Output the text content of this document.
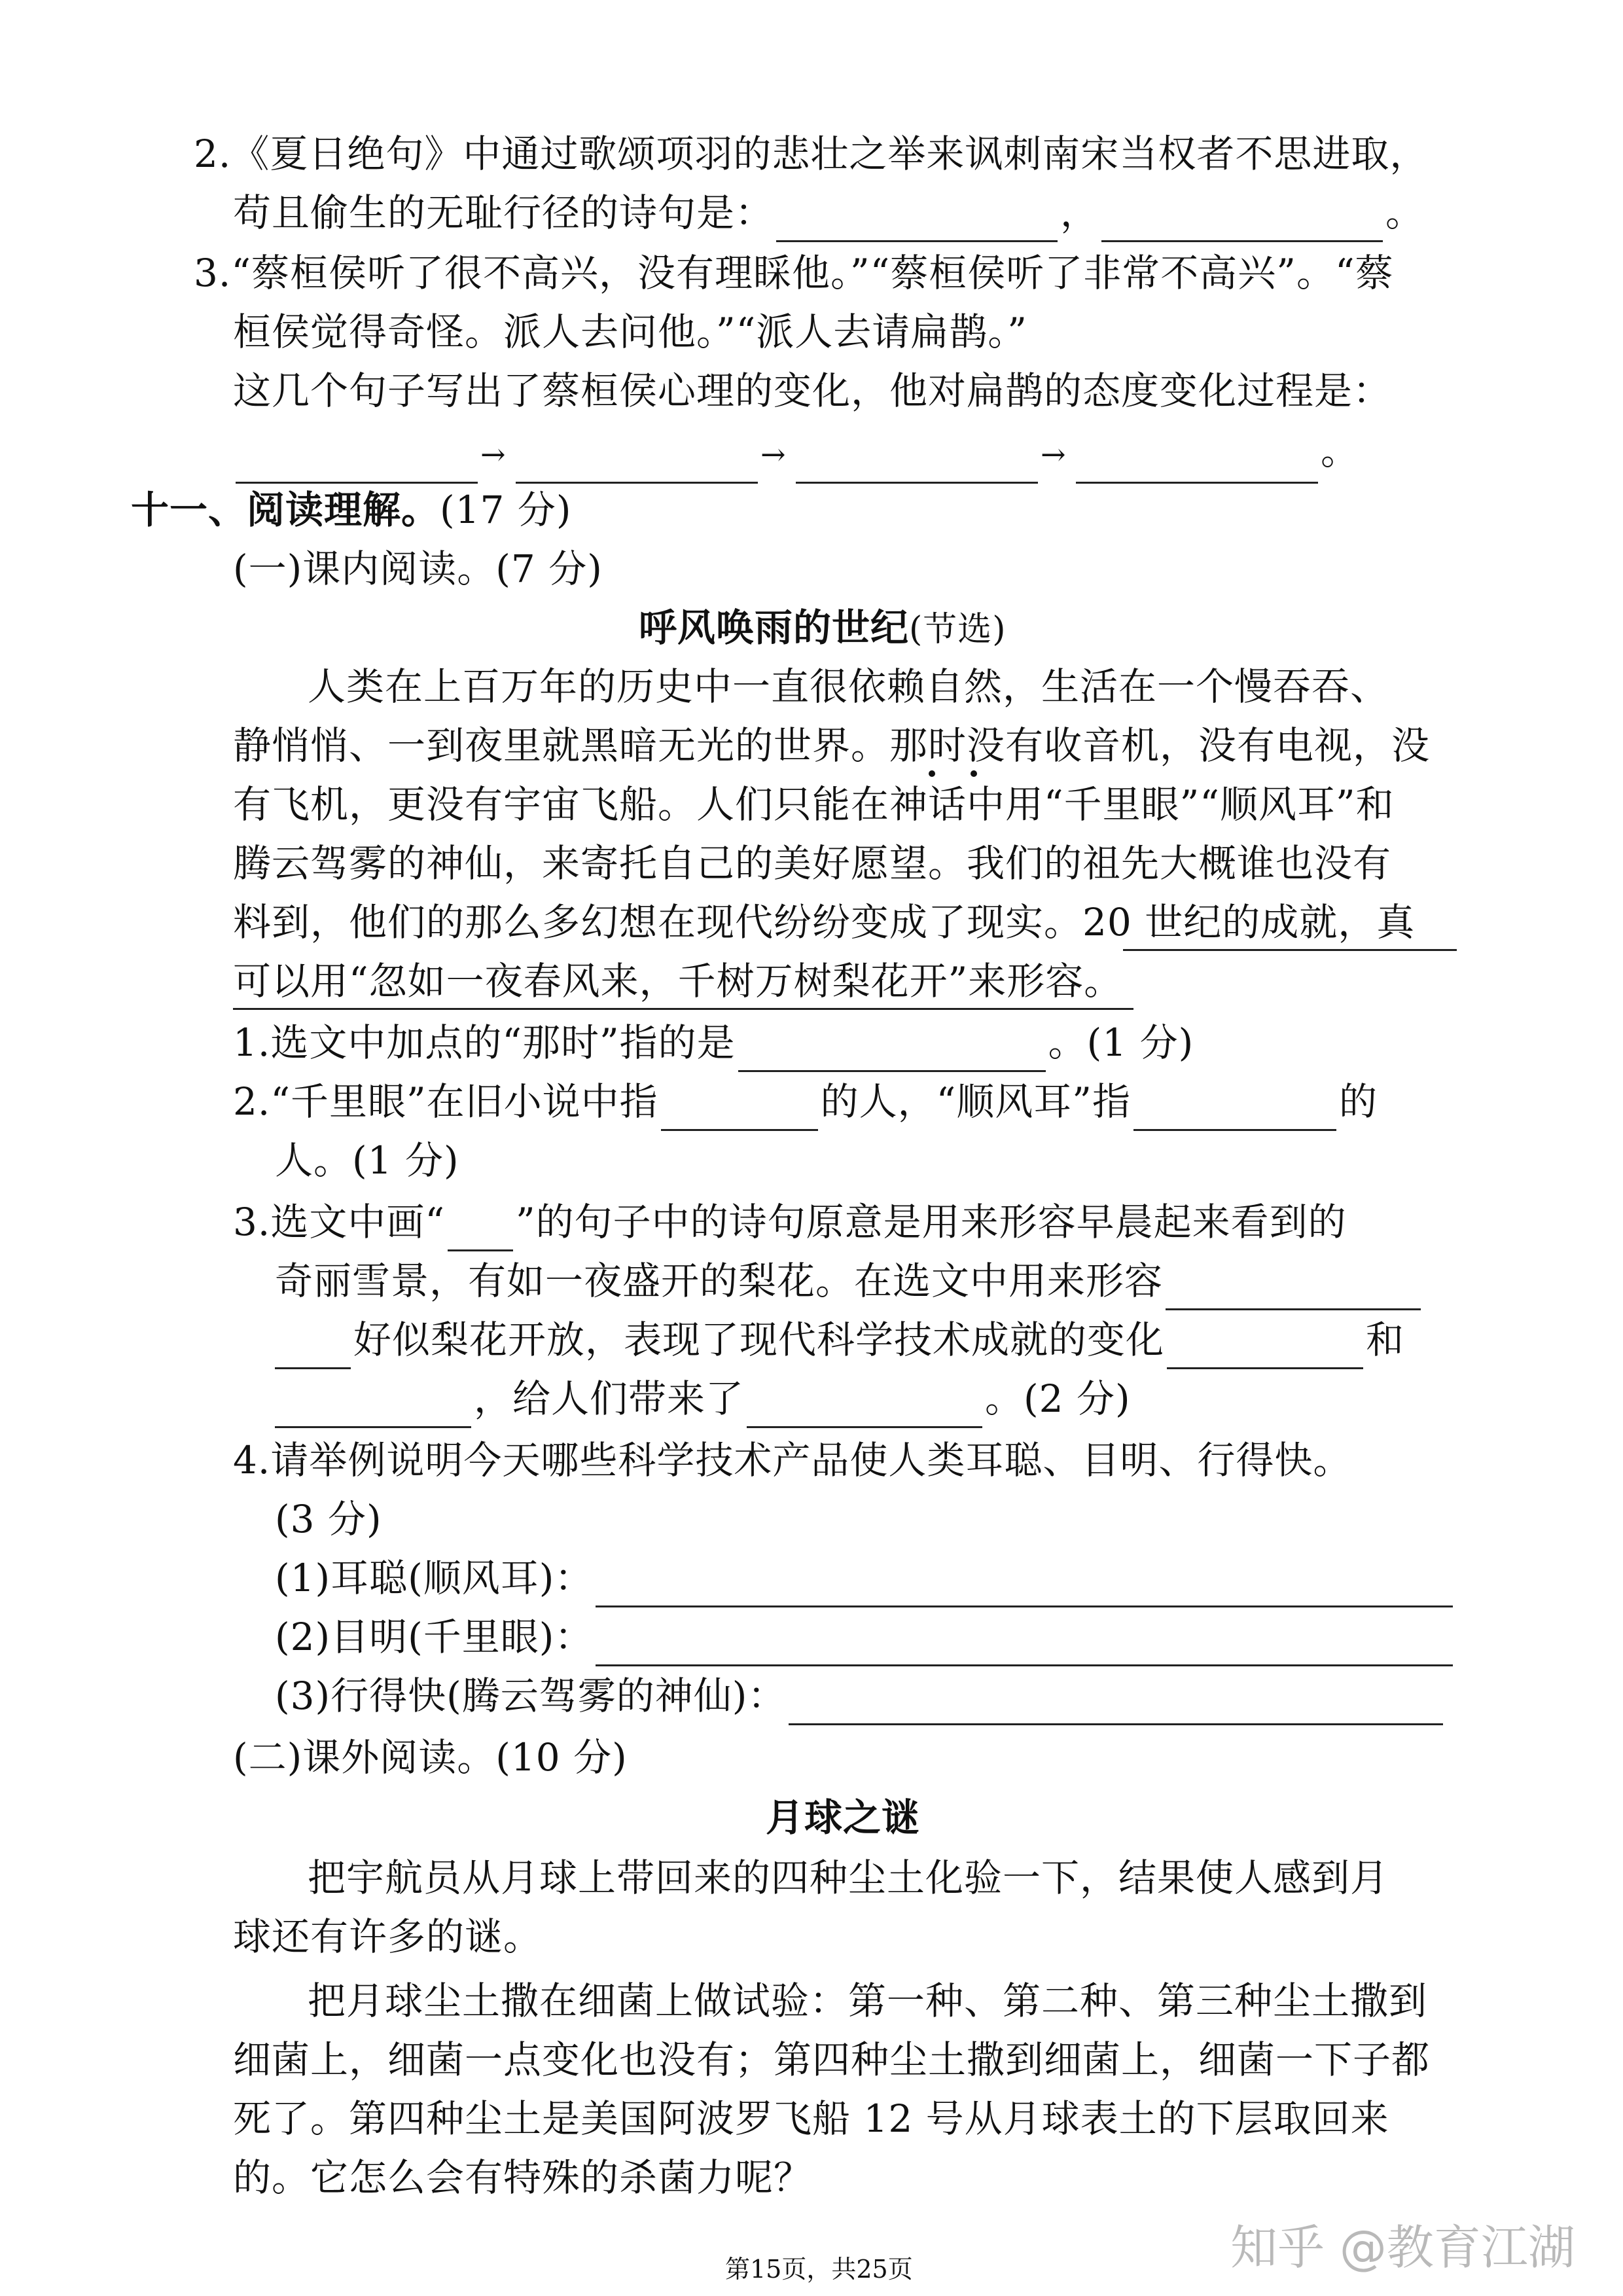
2.《夏日绝句》中通过歌颂项羽的悲壮之举来讽刺南宋当权者不思进取，
苟且偷生的无耻行径的诗句是：	，	。
3.“蔡桓侯听了很不高兴，没有理睬他。”“蔡桓侯听了非常不高兴”。“蔡
桓侯觉得奇怪。派人去问他。”“派人去请扁鹊。”
这几个句子写出了蔡桓侯心理的变化，他对扁鹊的态度变化过程是：
→	→	→	。
十一、阅读理解。(17 分)
(一)课内阅读。(7 分)
呼风唤雨的世纪(节选)
人类在上百万年的历史中一直很依赖自然，生活在一个慢吞吞、
静悄悄、一到夜里就黑暗无光的世界。那时没有收音机，没有电视，没
有飞机，更没有宇宙飞船。人们只能在神话中用“千里眼”“顺风耳”和
腾云驾雾的神仙，来寄托自己的美好愿望。我们的祖先大概谁也没有
料到，他们的那么多幻想在现代纷纷变成了现实。20 世纪的成就，真
可以用“忽如一夜春风来，千树万树梨花开”来形容。
1.选文中加点的“那时”指的是	。(1 分)
2.“千里眼”在旧小说中指	的人，“顺风耳”指	的
人。(1 分)
3.选文中画“ ”的句子中的诗句原意是用来形容早晨起来看到的
奇丽雪景，有如一夜盛开的梨花。在选文中用来形容
好似梨花开放，表现了现代科学技术成就的变化	和
，给人们带来了	。(2 分)
4.请举例说明今天哪些科学技术产品使人类耳聪、目明、行得快。
(3 分)
(1)耳聪(顺风耳)：
(2)目明(千里眼)：
(3)行得快(腾云驾雾的神仙)：
(二)课外阅读。(10 分)
月球之谜
把宇航员从月球上带回来的四种尘土化验一下，结果使人感到月
球还有许多的谜。
把月球尘土撒在细菌上做试验：第一种、第二种、第三种尘土撒到
细菌上，细菌一点变化也没有；第四种尘土撒到细菌上，细菌一下子都
死了。第四种尘土是美国阿波罗飞船 12 号从月球表土的下层取回来
的。它怎么会有特殊的杀菌力呢？
第15页，共25页	知乎 @教育江湖
